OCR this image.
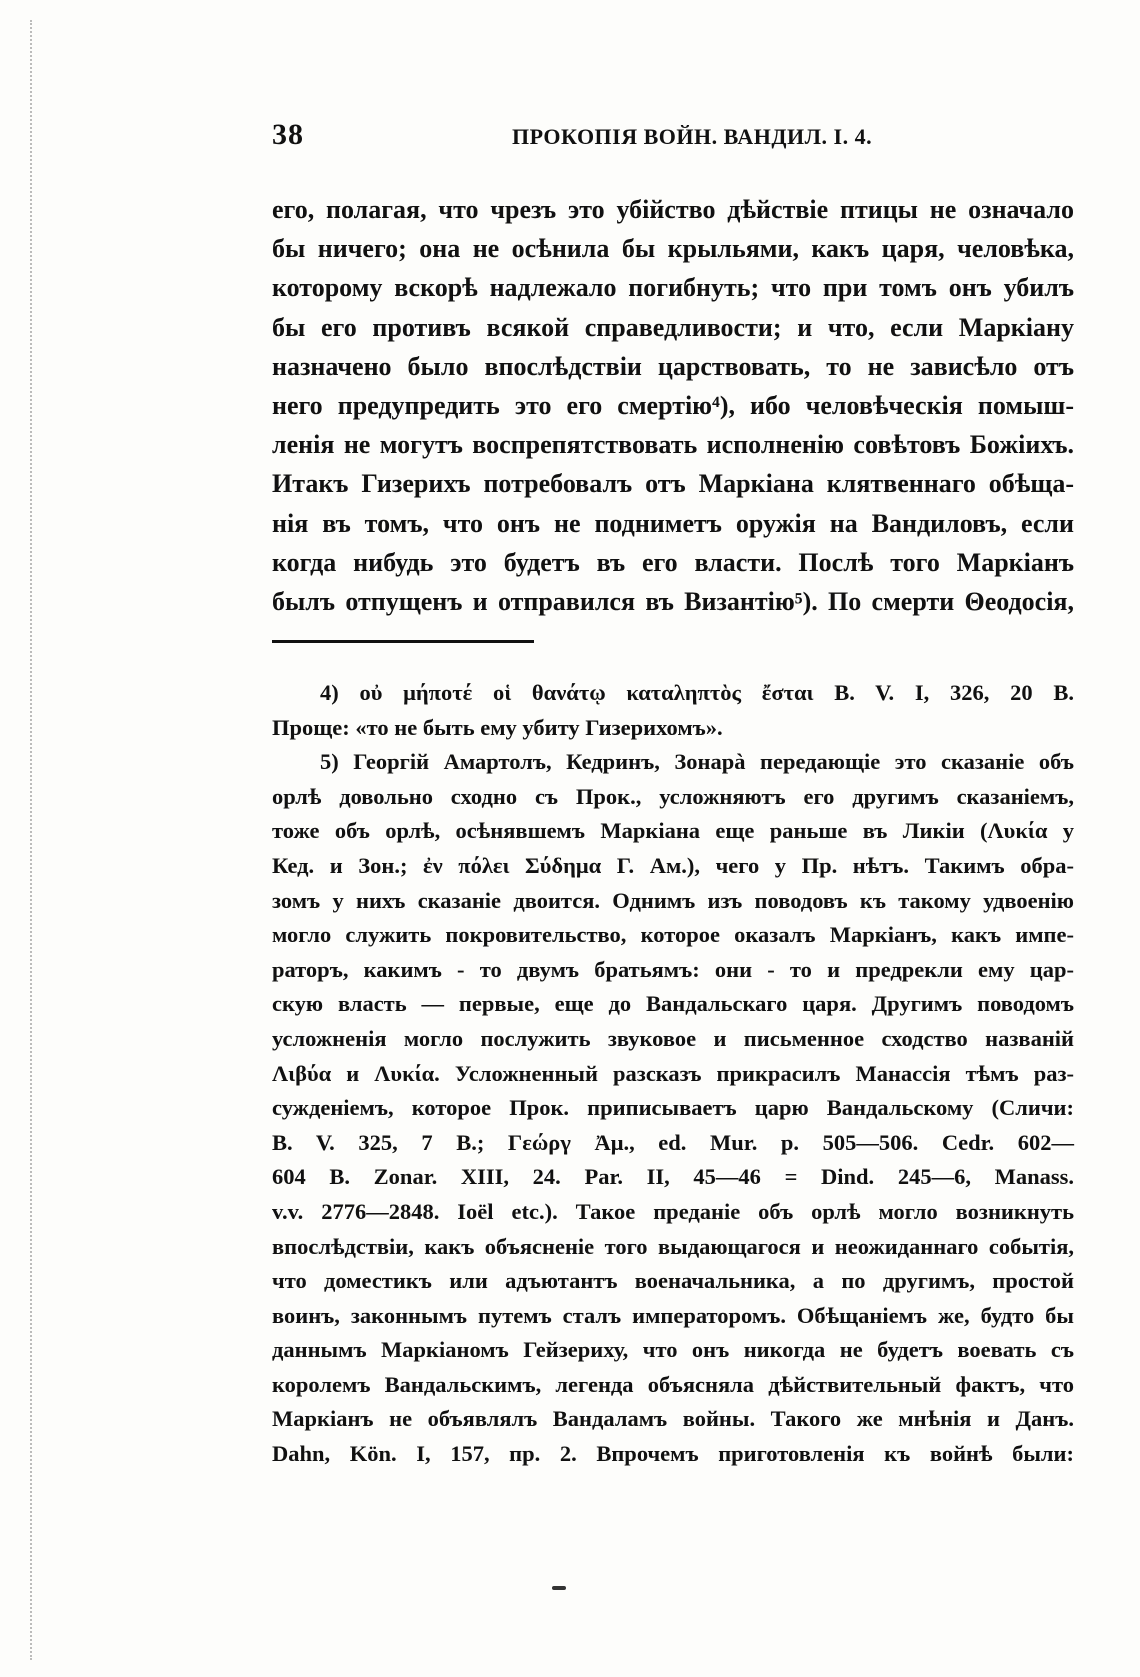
38	ПРОКОПІЯ ВОЙН. ВАНДИЛ. I. 4.
его, полагая, что чрезъ это убійство дѣйствіе птицы не означало
бы ничего; она не осѣнила бы крыльями, какъ царя, человѣка,
которому вскорѣ надлежало погибнуть; что при томъ онъ убилъ
бы его противъ всякой справедливости; и что, если Маркіану
назначено было впослѣдствіи царствовать, то не зависѣло отъ
него предупредить это его смертію⁴), ибо человѣческія помыш-
ленія не могутъ воспрепятствовать исполненію совѣтовъ Божіихъ.
Итакъ Гизерихъ потребовалъ отъ Маркіана клятвеннаго обѣща-
нія въ томъ, что онъ не подниметъ оружія на Вандиловъ, если
когда нибудь это будетъ въ его власти. Послѣ того Маркіанъ
былъ отпущенъ и отправился въ Византію⁵). По смерти Θеодосія,
4) οὐ μήποτέ οἱ θανάτῳ καταληπτὸς ἔσται B. V. I, 326, 20 B.
Проще: «то не быть ему убиту Гизерихомъ».
5) Георгій Амартолъ, Кедринъ, Зонарà передающіе это сказаніе объ
орлѣ довольно сходно съ Прок., усложняютъ его другимъ сказаніемъ,
тоже объ орлѣ, осѣнявшемъ Маркіана еще раньше въ Ликіи (Λυκία у
Кед. и Зон.; ἐν πόλει Σύδημα Г. Ам.), чего у Пр. нѣтъ. Такимъ обра-
зомъ у нихъ сказаніе двоится. Однимъ изъ поводовъ къ такому удвоенію
могло служить покровительство, которое оказалъ Маркіанъ, какъ импе-
раторъ, какимъ - то двумъ братьямъ: они - то и предрекли ему цар-
скую власть — первые, еще до Вандальскаго царя. Другимъ поводомъ
усложненія могло послужить звуковое и письменное сходство названій
Λιβύα и Λυκία. Усложненный разсказъ прикрасилъ Манассія тѣмъ раз-
сужденіемъ, которое Прок. приписываетъ царю Вандальскому (Сличи:
B. V. 325, 7 B.; Γεώργ Ἀμ., ed. Mur. p. 505—506. Cedr. 602—
604 B. Zonar. XIII, 24. Par. II, 45—46 = Dind. 245—6, Manass.
v.v. 2776—2848. Ioël etc.). Такое преданіе объ орлѣ могло возникнуть
впослѣдствіи, какъ объясненіе того выдающагося и неожиданнаго событія,
что доместикъ или адъютантъ военачальника, а по другимъ, простой
воинъ, законнымъ путемъ сталъ императоромъ. Обѣщаніемъ же, будто бы
даннымъ Маркіаномъ Гейзериху, что онъ никогда не будетъ воевать съ
королемъ Вандальскимъ, легенда объясняла дѣйствительный фактъ, что
Маркіанъ не объявлялъ Вандаламъ войны. Такого же мнѣнія и Данъ.
Dahn, Kön. I, 157, пр. 2. Впрочемъ приготовленія къ войнѣ были:
